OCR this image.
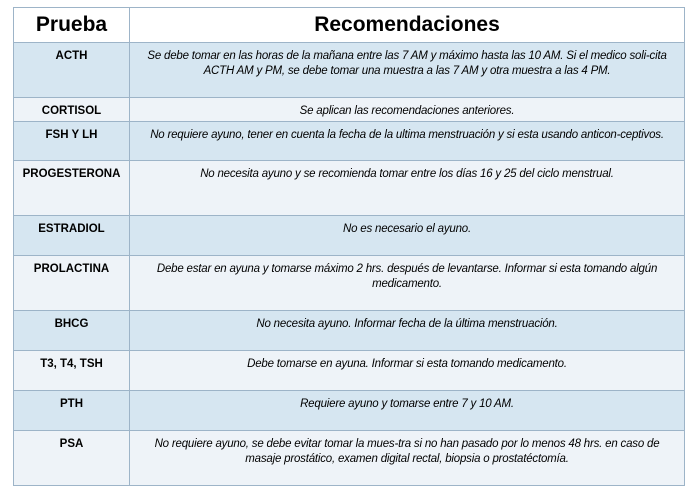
Prueba	Recomendaciones
ACTH	Se debe tomar en las horas de la mañana entre las 7 AM y máximo hasta las 10 AM. Si el medico soli-cita ACTH AM y PM, se debe tomar una muestra a las 7 AM y otra muestra a las 4 PM.
CORTISOL	Se aplican las recomendaciones anteriores.
FSH Y LH	No requiere ayuno, tener en cuenta la fecha de la ultima menstruación y si esta usando anticon-ceptivos.
PROGESTERONA	No necesita ayuno y se recomienda tomar entre los días 16 y 25 del ciclo menstrual.
ESTRADIOL	No es necesario el ayuno.
PROLACTINA	Debe estar en ayuna y tomarse máximo 2 hrs. después de levantarse. Informar si esta tomando algún medicamento.
BHCG	No necesita ayuno. Informar fecha de la última menstruación.
T3, T4, TSH	Debe tomarse en ayuna. Informar si esta tomando medicamento.
PTH	Requiere ayuno y tomarse entre 7 y 10 AM.
PSA	No requiere ayuno, se debe evitar tomar la mues-tra si no han pasado por lo menos 48 hrs. en caso de masaje prostático, examen digital rectal, biopsia o prostatéctomía.
